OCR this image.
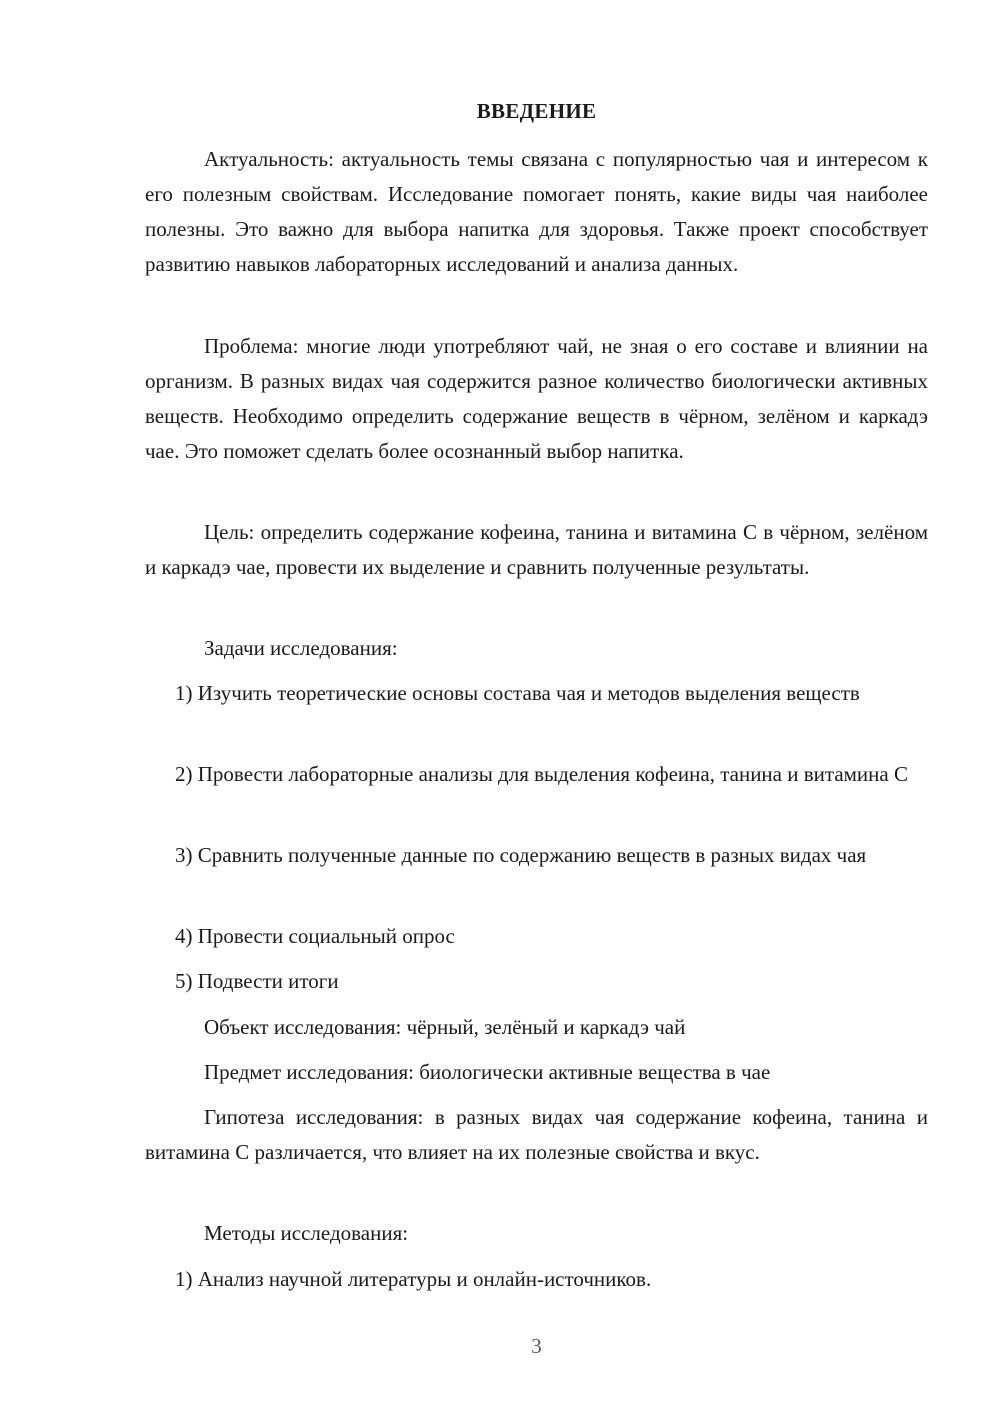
ВВЕДЕНИЕ

Актуальность: актуальность темы связана с популярностью чая и интересом к его полезным свойствам. Исследование помогает понять, какие виды чая наиболее полезны. Это важно для выбора напитка для здоровья. Также проект способствует развитию навыков лабораторных исследований и анализа данных.

Проблема: многие люди употребляют чай, не зная о его составе и влиянии на организм. В разных видах чая содержится разное количество биологически активных веществ. Необходимо определить содержание веществ в чёрном, зелёном и каркадэ чае. Это поможет сделать более осознанный выбор напитка.

Цель: определить содержание кофеина, танина и витамина С в чёрном, зелёном и каркадэ чае, провести их выделение и сравнить полученные результаты.

Задачи исследования:

1) Изучить теоретические основы состава чая и методов выделения веществ

2) Провести лабораторные анализы для выделения кофеина, танина и витамина С

3) Сравнить полученные данные по содержанию веществ в разных видах чая

4) Провести социальный опрос

5) Подвести итоги

Объект исследования: чёрный, зелёный и каркадэ чай

Предмет исследования: биологически активные вещества в чае

Гипотеза исследования: в разных видах чая содержание кофеина, танина и витамина С различается, что влияет на их полезные свойства и вкус.

Методы исследования:

1) Анализ научной литературы и онлайн-источников.

3
